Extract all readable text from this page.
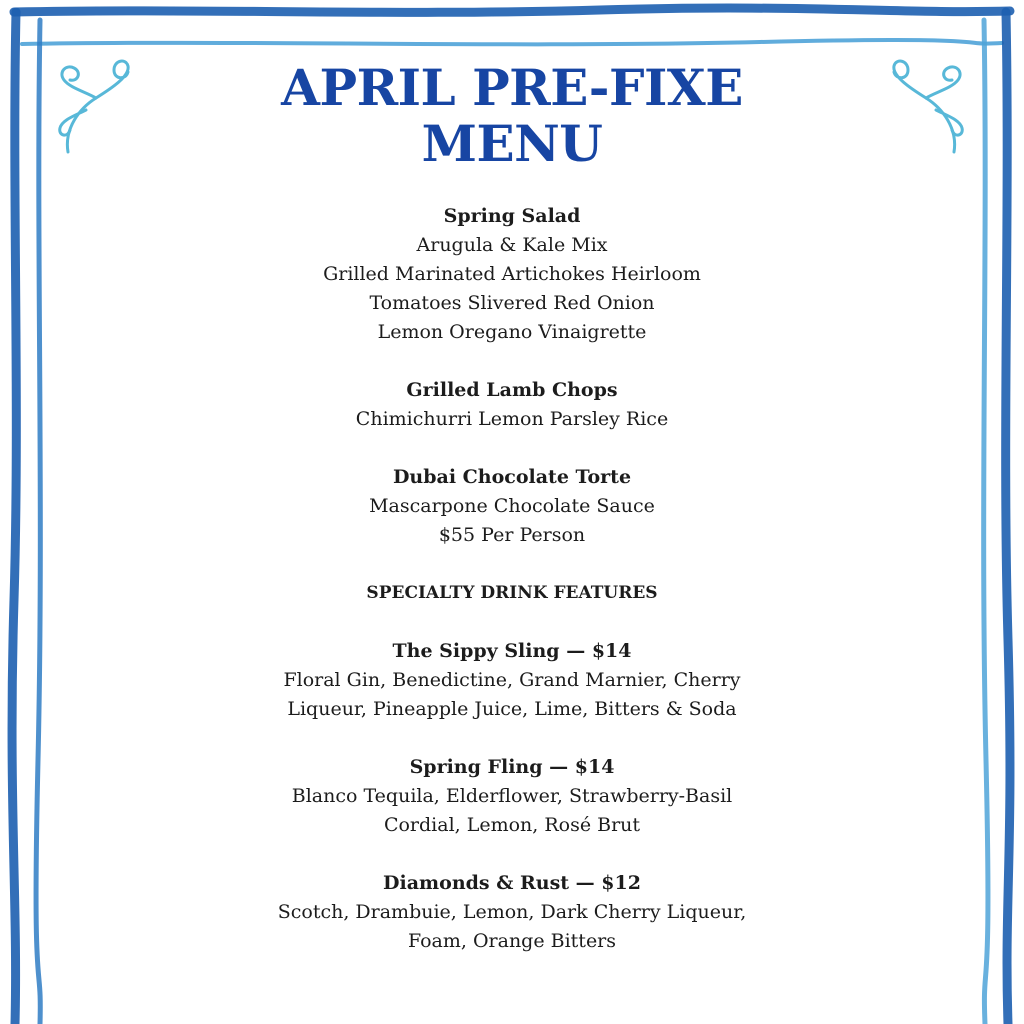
APRIL PRE-FIXE
MENU
Spring Salad
Arugula & Kale Mix
Grilled Marinated Artichokes Heirloom
Tomatoes Slivered Red Onion
Lemon Oregano Vinaigrette
Grilled Lamb Chops
Chimichurri Lemon Parsley Rice
Dubai Chocolate Torte
Mascarpone Chocolate Sauce
$55 Per Person
SPECIALTY DRINK FEATURES
The Sippy Sling — $14
Floral Gin, Benedictine, Grand Marnier, Cherry
Liqueur, Pineapple Juice, Lime, Bitters & Soda
Spring Fling — $14
Blanco Tequila, Elderflower, Strawberry-Basil
Cordial, Lemon, Rosé Brut
Diamonds & Rust — $12
Scotch, Drambuie, Lemon, Dark Cherry Liqueur,
Foam, Orange Bitters
